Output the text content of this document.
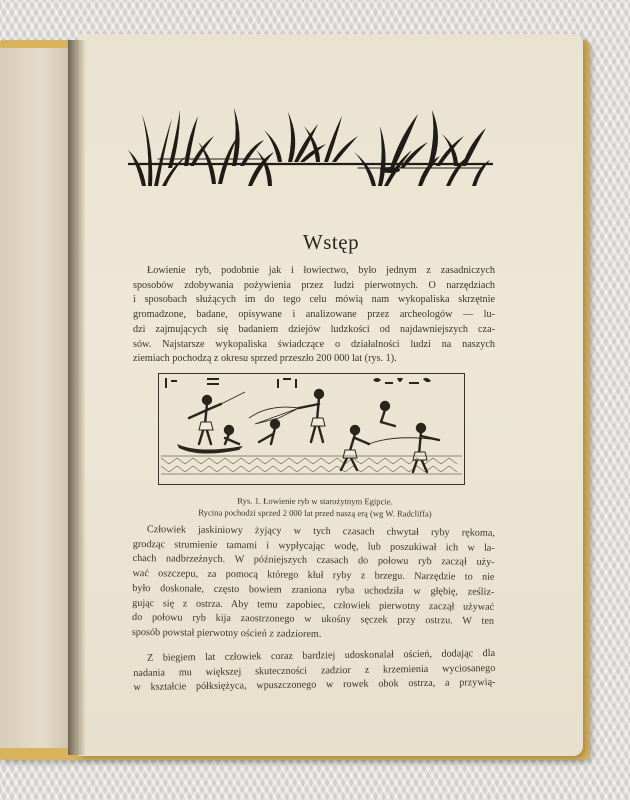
Wstęp
Łowienie ryb, podobnie jak i łowiectwo, było jednym z zasadniczych
sposobów zdobywania pożywienia przez ludzi pierwotnych. O narzędziach
i sposobach służących im do tego celu mówią nam wykopaliska skrzętnie
gromadzone, badane, opisywane i analizowane przez archeologów — lu-
dzi zajmujących się badaniem dziejów ludzkości od najdawniejszych cza-
sów. Najstarsze wykopaliska świadczące o działalności ludzi na naszych
ziemiach pochodzą z okresu sprzed przeszło 200 000 lat (rys. 1).
Rys. 1. Łowienie ryb w starożytnym Egipcie.
Rycina pochodzi sprzed 2 000 lat przed naszą erą (wg W. Radcliffa)
Człowiek jaskiniowy żyjący w tych czasach chwytał ryby rękoma,
grodząc strumienie tamami i wypłycając wodę, lub poszukiwał ich w la-
chach nadbrzeżnych. W późniejszych czasach do połowu ryb zaczął uży-
wać oszczepu, za pomocą którego kłuł ryby z brzegu. Narzędzie to nie
było doskonałe, często bowiem zraniona ryba uchodziła w głębię, ześliz-
gując się z ostrza. Aby temu zapobiec, człowiek pierwotny zaczął używać
do połowu ryb kija zaostrzonego w ukośny sęczek przy ostrzu. W ten
sposób powstał pierwotny oścień z zadziorem.
Z biegiem lat człowiek coraz bardziej udoskonalał oścień, dodając dla
nadania mu większej skuteczności zadzior z krzemienia wyciosanego
w kształcie półksiężyca, wpuszczonego w rowek obok ostrza, a przywią-
